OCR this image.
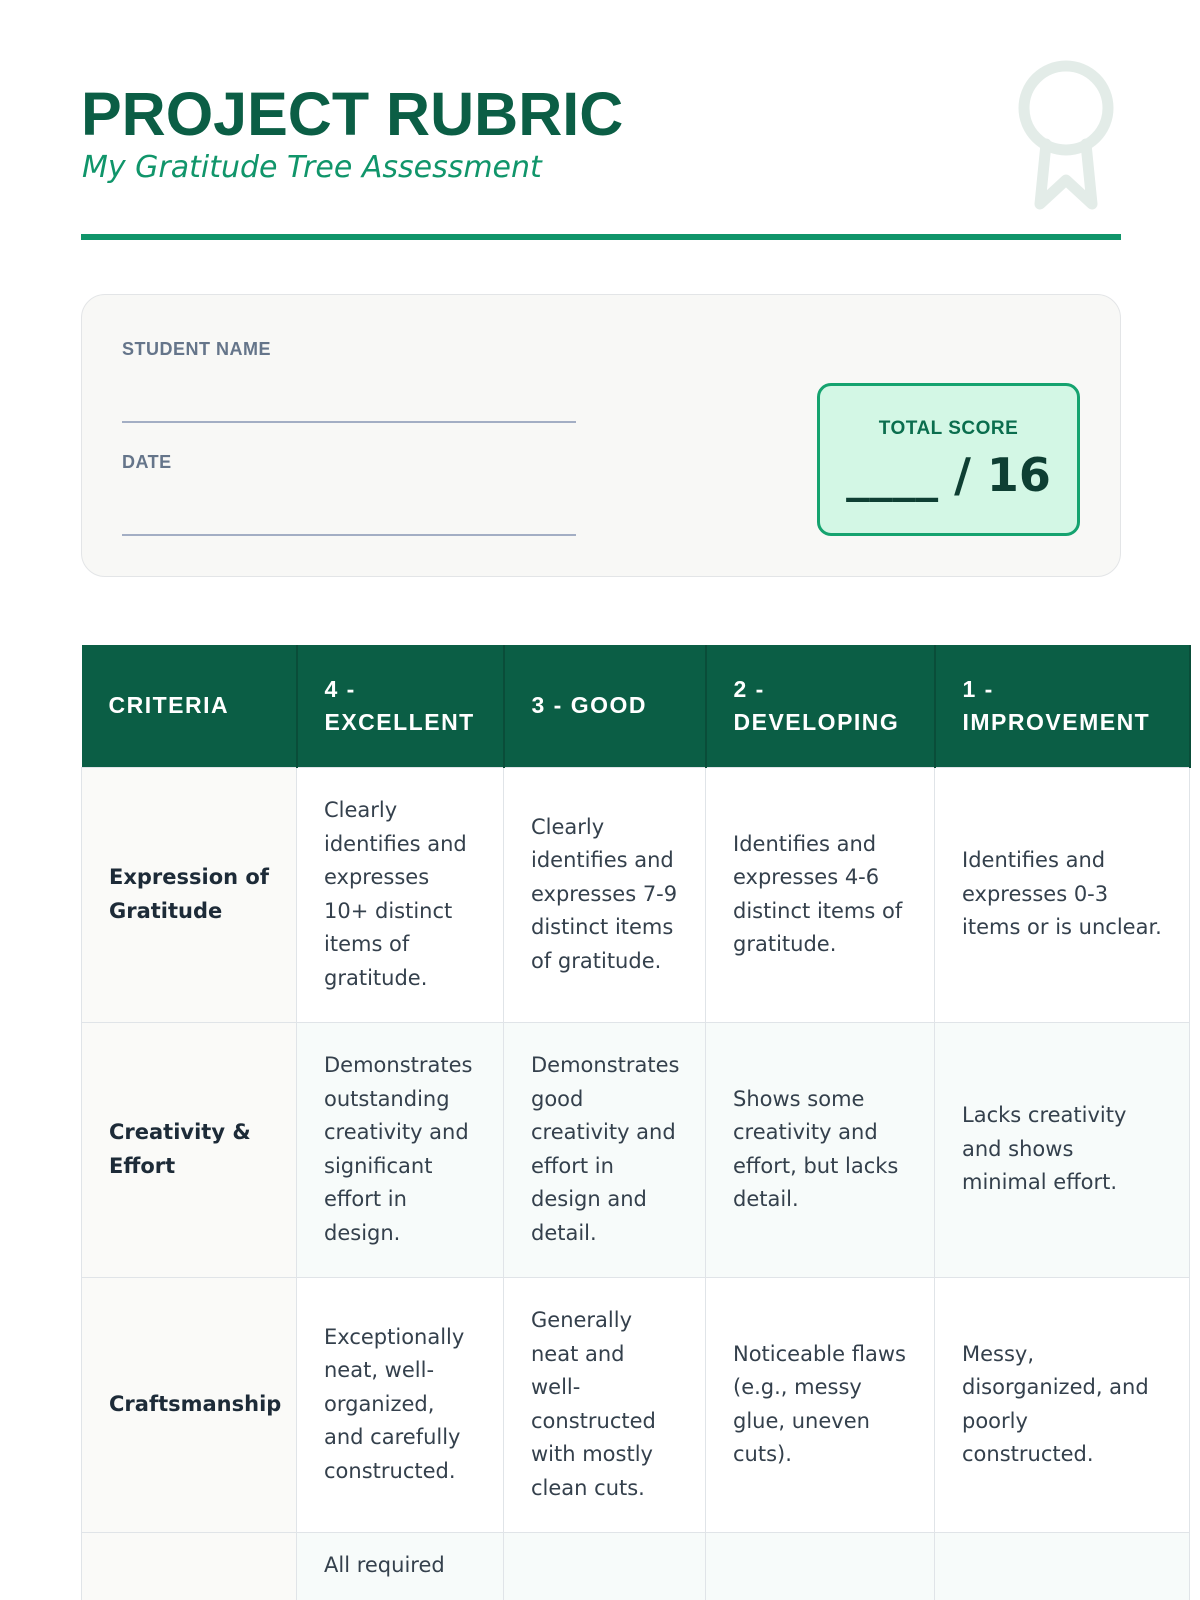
PROJECT RUBRIC
My Gratitude Tree Assessment
STUDENT NAME
DATE
TOTAL SCORE
____ / 16
CRITERIA	4 - EXCELLENT	3 - GOOD	2 - DEVELOPING	1 - IMPROVEMENT
Expression of Gratitude	Clearly identifies and expresses 10+ distinct items of gratitude.	Clearly identifies and expresses 7-9 distinct items of gratitude.	Identifies and expresses 4-6 distinct items of gratitude.	Identifies and expresses 0-3 items or is unclear.
Creativity & Effort	Demonstrates outstanding creativity and significant effort in design.	Demonstrates good creativity and effort in design and detail.	Shows some creativity and effort, but lacks detail.	Lacks creativity and shows minimal effort.
Craftsmanship	Exceptionally neat, well-organized, and carefully constructed.	Generally neat and well-constructed with mostly clean cuts.	Noticeable flaws (e.g., messy glue, uneven cuts).	Messy, disorganized, and poorly constructed.
	All required			
